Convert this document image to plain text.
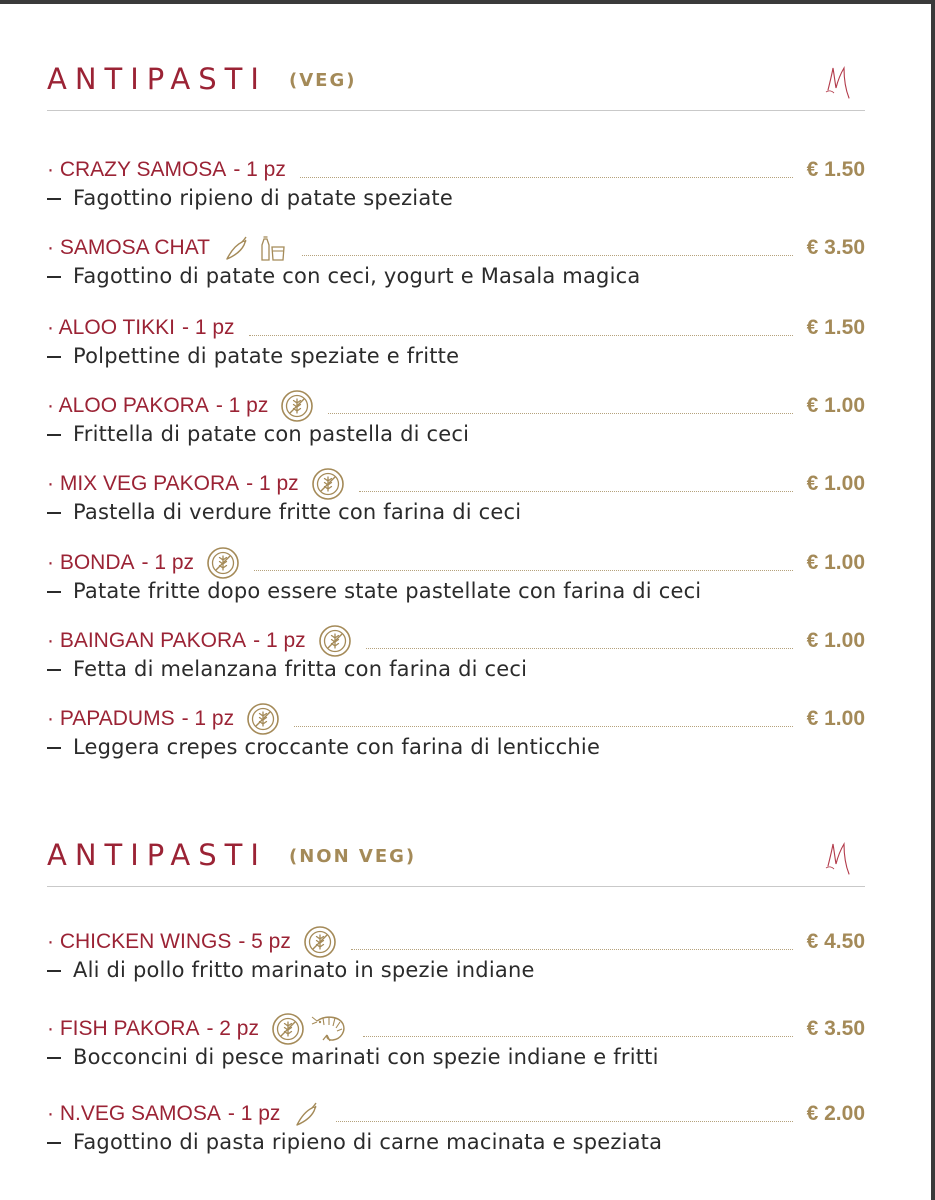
ANTIPASTI (VEG)
· CRAZY SAMOSA - 1 pz	€ 1.50
Fagottino ripieno di patate speziate
· SAMOSA CHAT	€ 3.50
Fagottino di patate con ceci, yogurt e Masala magica
· ALOO TIKKI - 1 pz	€ 1.50
Polpettine di patate speziate e fritte
· ALOO PAKORA - 1 pz	€ 1.00
Frittella di patate con pastella di ceci
· MIX VEG PAKORA - 1 pz	€ 1.00
Pastella di verdure fritte con farina di ceci
· BONDA - 1 pz	€ 1.00
Patate fritte dopo essere state pastellate con farina di ceci
· BAINGAN PAKORA - 1 pz	€ 1.00
Fetta di melanzana fritta con farina di ceci
· PAPADUMS - 1 pz	€ 1.00
Leggera crepes croccante con farina di lenticchie
ANTIPASTI (NON VEG)
· CHICKEN WINGS - 5 pz	€ 4.50
Ali di pollo fritto marinato in spezie indiane
· FISH PAKORA - 2 pz	€ 3.50
Bocconcini di pesce marinati con spezie indiane e fritti
· N.VEG SAMOSA - 1 pz	€ 2.00
Fagottino di pasta ripieno di carne macinata e speziata
